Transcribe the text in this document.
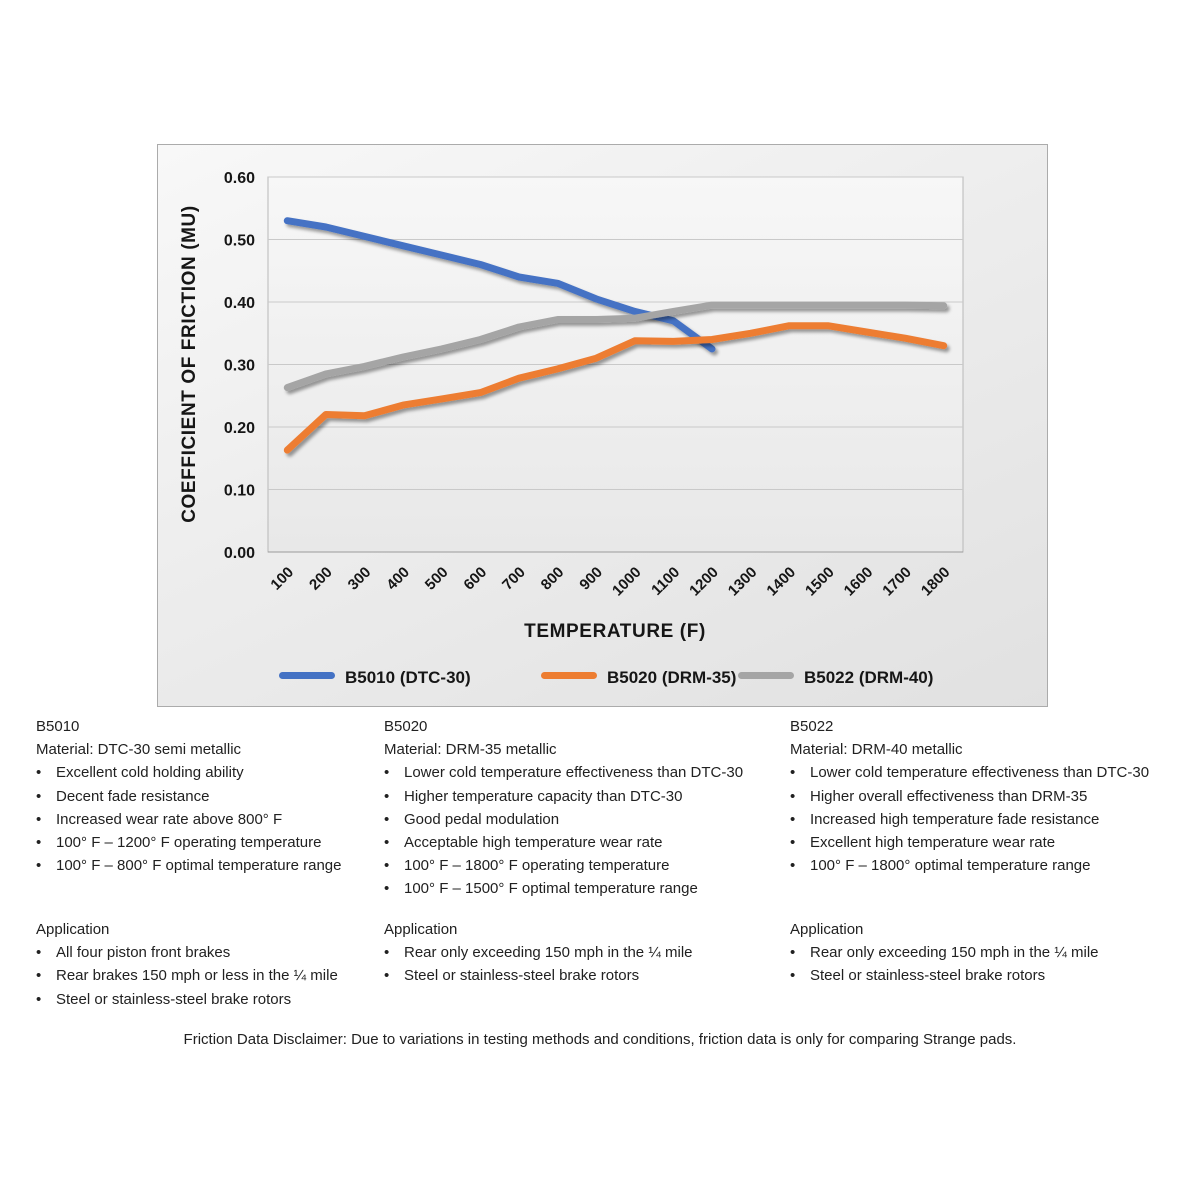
0.00
0.10
0.20
0.30
0.40
0.50
0.60
100 200 300 400 500 600 700 800 900 1000 1100 1200 1300 1400 1500 1600 1700 1800
COEFFICIENT OF FRICTION (MU)
TEMPERATURE (F)
B5010 (DTC-30)	B5020 (DRM-35)	B5022 (DRM-40)
B5010
Material: DTC-30 semi metallic
• Excellent cold holding ability
• Decent fade resistance
• Increased wear rate above 800° F
• 100° F – 1200° F operating temperature
• 100° F – 800° F optimal temperature range
Application
• All four piston front brakes
• Rear brakes 150 mph or less in the ¼ mile
• Steel or stainless-steel brake rotors
B5020
Material: DRM-35 metallic
• Lower cold temperature effectiveness than DTC-30
• Higher temperature capacity than DTC-30
• Good pedal modulation
• Acceptable high temperature wear rate
• 100° F – 1800° F operating temperature
• 100° F – 1500° F optimal temperature range
Application
• Rear only exceeding 150 mph in the ¼ mile
• Steel or stainless-steel brake rotors
B5022
Material: DRM-40 metallic
• Lower cold temperature effectiveness than DTC-30
• Higher overall effectiveness than DRM-35
• Increased high temperature fade resistance
• Excellent high temperature wear rate
• 100° F – 1800° optimal temperature range
Application
• Rear only exceeding 150 mph in the ¼ mile
• Steel or stainless-steel brake rotors
Friction Data Disclaimer: Due to variations in testing methods and conditions, friction data is only for comparing Strange pads.
